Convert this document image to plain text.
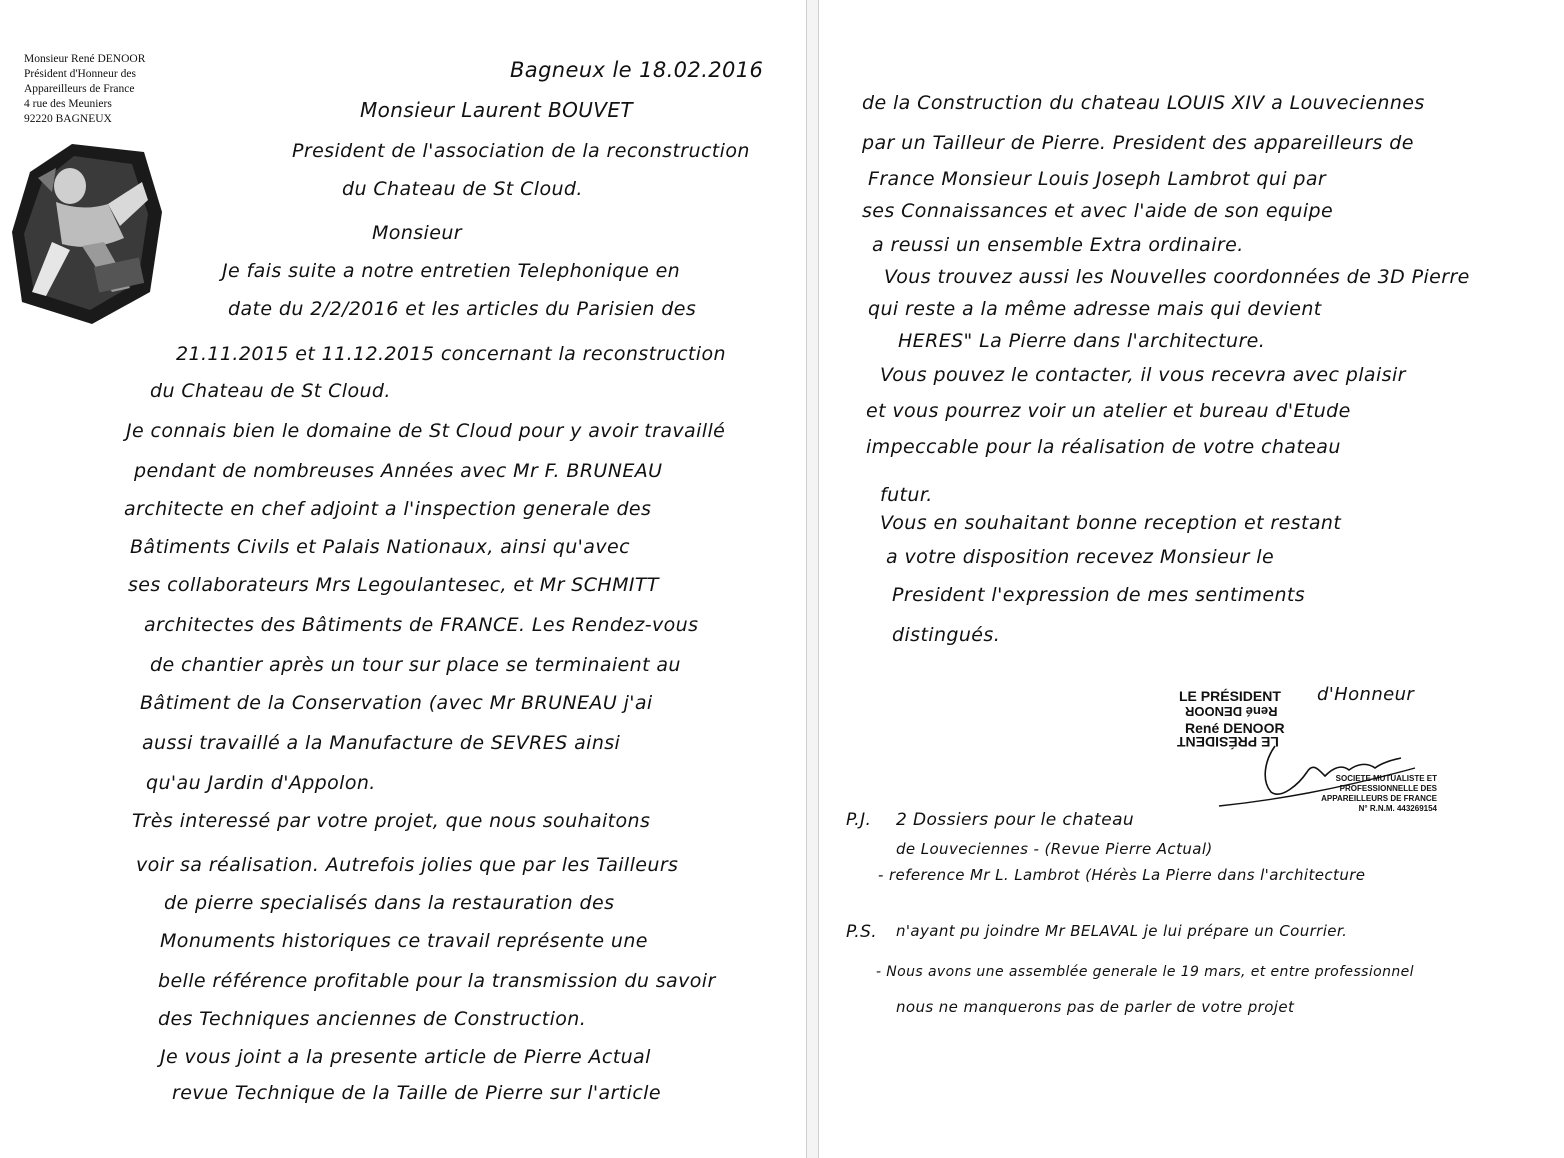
Monsieur René DENOOR
Président d'Honneur des
Appareilleurs de France
4 rue des Meuniers
92220 BAGNEUX
Bagneux le 18.02.2016
Monsieur Laurent BOUVET
President de l'association de la reconstruction
du Chateau de St Cloud.
Monsieur
Je fais suite a notre entretien Telephonique en
date du 2/2/2016 et les articles du Parisien des
21.11.2015 et 11.12.2015 concernant la reconstruction
du Chateau de St Cloud.
Je connais bien le domaine de St Cloud pour y avoir travaillé
pendant de nombreuses Années avec Mr F. BRUNEAU
architecte en chef adjoint a l'inspection generale des
Bâtiments Civils et Palais Nationaux, ainsi qu'avec
ses collaborateurs Mrs Legoulantesec, et Mr SCHMITT
architectes des Bâtiments de FRANCE. Les Rendez-vous
de chantier après un tour sur place se terminaient au
Bâtiment de la Conservation (avec Mr BRUNEAU j'ai
aussi travaillé a la Manufacture de SEVRES ainsi
qu'au Jardin d'Appolon.
Très interessé par votre projet, que nous souhaitons
voir sa réalisation. Autrefois jolies que par les Tailleurs
de pierre specialisés dans la restauration des
Monuments historiques ce travail représente une
belle référence profitable pour la transmission du savoir
des Techniques anciennes de Construction.
Je vous joint a la presente article de Pierre Actual
revue Technique de la Taille de Pierre sur l'article
de la Construction du chateau LOUIS XIV a Louveciennes
par un Tailleur de Pierre. President des appareilleurs de
France Monsieur Louis Joseph Lambrot qui par
ses Connaissances et avec l'aide de son equipe
a reussi un ensemble Extra ordinaire.
Vous trouvez aussi les Nouvelles coordonnées de 3D Pierre
qui reste a la même adresse mais qui devient
HERES" La Pierre dans l'architecture.
Vous pouvez le contacter, il vous recevra avec plaisir
et vous pourrez voir un atelier et bureau d'Etude
impeccable pour la réalisation de votre chateau
futur.
Vous en souhaitant bonne reception et restant
a votre disposition recevez Monsieur le
President l'expression de mes sentiments
distingués.
LE PRÉSIDENT d'Honneur
René DENOOR
René DENOOR
LE PRÉSIDENT
SOCIETE MUTUALISTE ET
PROFESSIONNELLE DES
APPAREILLEURS DE FRANCE
N° R.N.M. 443269154
P.J. 2 Dossiers pour le chateau
de Louveciennes - (Revue Pierre Actual)
- reference Mr L. Lambrot (Hérès La Pierre dans l'architecture
P.S. n'ayant pu joindre Mr BELAVAL je lui prépare un Courrier.
- Nous avons une assemblée generale le 19 mars, et entre professionnel
nous ne manquerons pas de parler de votre projet
